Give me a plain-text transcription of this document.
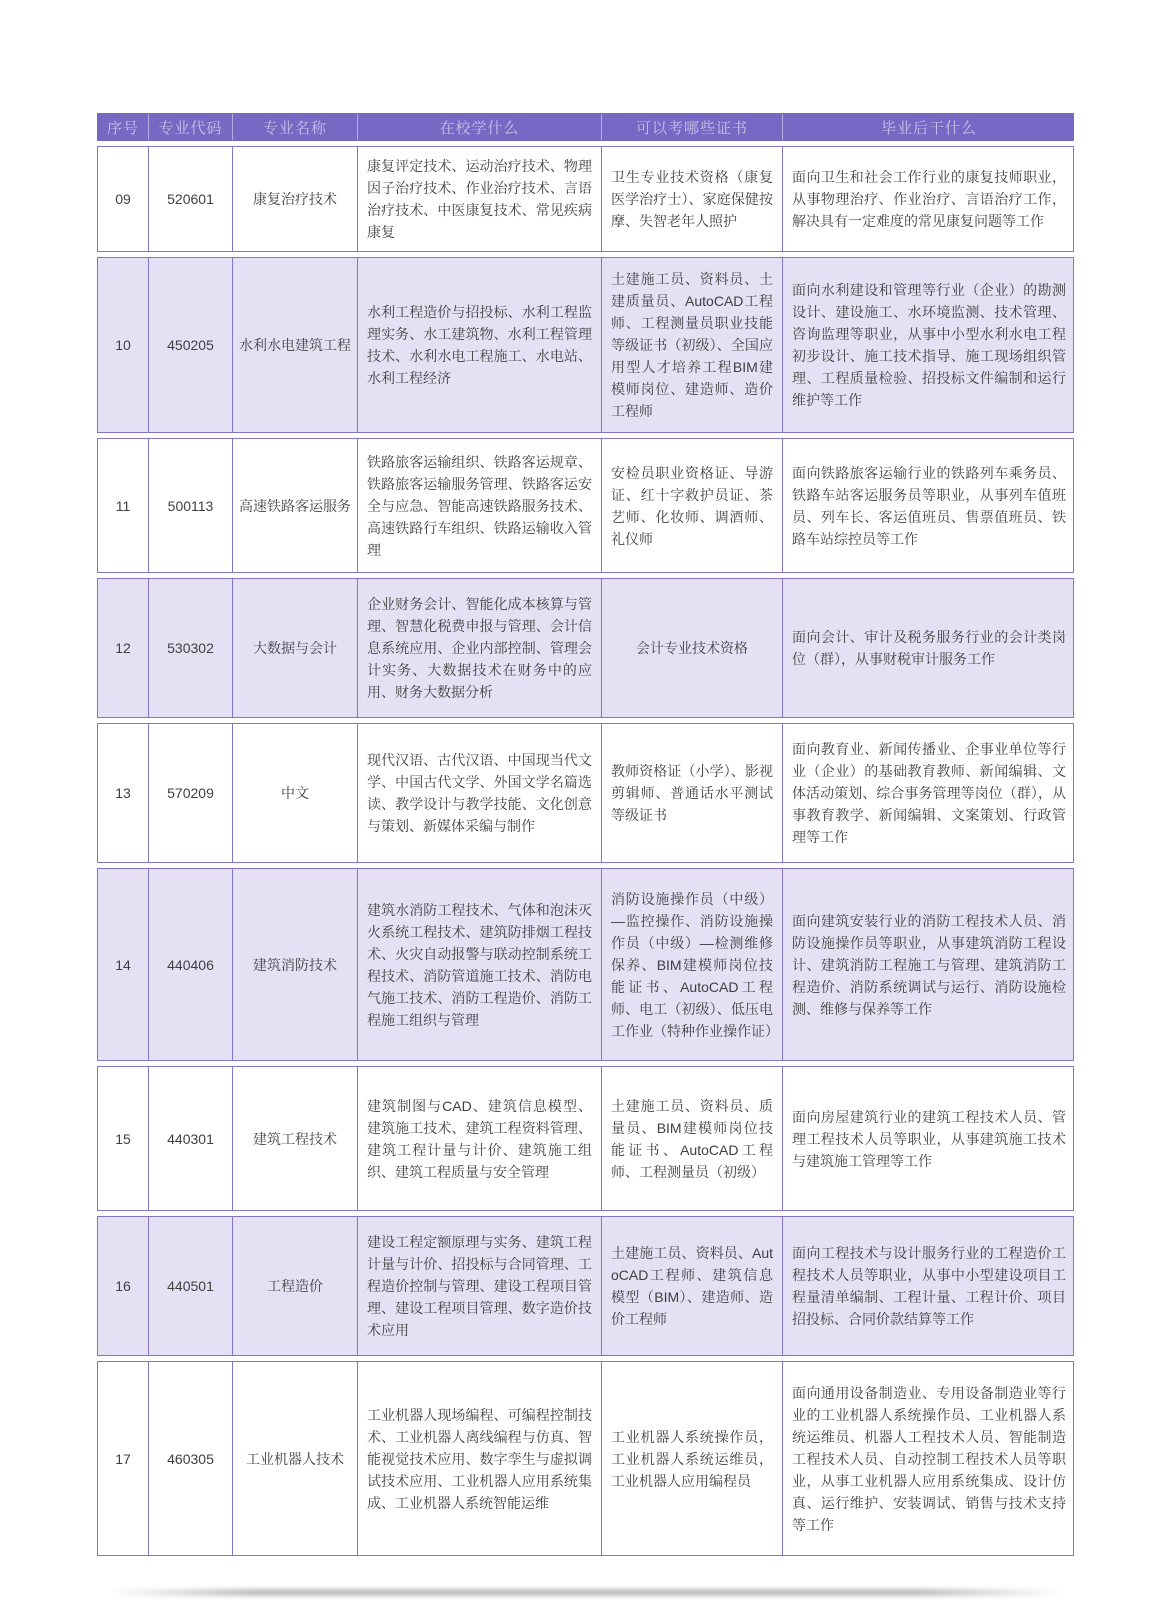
序号	专业代码	专业名称	在校学什么	可以考哪些证书	毕业后干什么
09	520601	康复治疗技术
康复评定技术、运动治疗技术、物理因子治疗技术、作业治疗技术、言语治疗技术、中医康复技术、常见疾病康复
卫生专业技术资格（康复医学治疗士）、家庭保健按摩、失智老年人照护
面向卫生和社会工作行业的康复技师职业，从事物理治疗、作业治疗、言语治疗工作，解决具有一定难度的常见康复问题等工作
10	450205 水利水电建筑工程
水利工程造价与招投标、水利工程监理实务、水工建筑物、水利工程管理技术、水利水电工程施工、水电站、水利工程经济
土建施工员、资料员、土建质量员、AutoCAD工程师、工程测量员职业技能等级证书（初级）、全国应用型人才培养工程BIM建模师岗位、建造师、造价工程师
面向水利建设和管理等行业（企业）的勘测设计、建设施工、水环境监测、技术管理、咨询监理等职业，从事中小型水利水电工程初步设计、施工技术指导、施工现场组织管理、工程质量检验、招投标文件编制和运行维护等工作
11	500113 高速铁路客运服务
铁路旅客运输组织、铁路客运规章、铁路旅客运输服务管理、铁路客运安全与应急、智能高速铁路服务技术、高速铁路行车组织、铁路运输收入管理
安检员职业资格证、导游证、红十字救护员证、茶艺师、化妆师、调酒师、礼仪师
面向铁路旅客运输行业的铁路列车乘务员、铁路车站客运服务员等职业，从事列车值班员、列车长、客运值班员、售票值班员、铁路车站综控员等工作
12	530302	大数据与会计
企业财务会计、智能化成本核算与管理、智慧化税费申报与管理、会计信息系统应用、企业内部控制、管理会计实务、大数据技术在财务中的应用、财务大数据分析
会计专业技术资格
面向会计、审计及税务服务行业的会计类岗位（群），从事财税审计服务工作
13	570209	中文
现代汉语、古代汉语、中国现当代文学、中国古代文学、外国文学名篇选读、教学设计与教学技能、文化创意与策划、新媒体采编与制作
教师资格证（小学）、影视剪辑师、普通话水平测试等级证书
面向教育业、新闻传播业、企事业单位等行业（企业）的基础教育教师、新闻编辑、文体活动策划、综合事务管理等岗位（群），从事教育教学、新闻编辑、文案策划、行政管理等工作
14	440406	建筑消防技术
建筑水消防工程技术、气体和泡沫灭火系统工程技术、建筑防排烟工程技术、火灾自动报警与联动控制系统工程技术、消防管道施工技术、消防电气施工技术、消防工程造价、消防工程施工组织与管理
消防设施操作员（中级）—监控操作、消防设施操作员（中级）—检测维修保养、BIM建模师岗位技能证书、AutoCAD工程师、电工（初级）、低压电工作业（特种作业操作证）
面向建筑安装行业的消防工程技术人员、消防设施操作员等职业，从事建筑消防工程设计、建筑消防工程施工与管理、建筑消防工程造价、消防系统调试与运行、消防设施检测、维修与保养等工作
15	440301	建筑工程技术
建筑制图与CAD、建筑信息模型、建筑施工技术、建筑工程资料管理、建筑工程计量与计价、建筑施工组织、建筑工程质量与安全管理
土建施工员、资料员、质量员、BIM建模师岗位技能证书、AutoCAD工程师、工程测量员（初级）
面向房屋建筑行业的建筑工程技术人员、管理工程技术人员等职业，从事建筑施工技术与建筑施工管理等工作
16	440501	工程造价
建设工程定额原理与实务、建筑工程计量与计价、招投标与合同管理、工程造价控制与管理、建设工程项目管理、建设工程项目管理、数字造价技术应用
土建施工员、资料员、AutoCAD工程师、建筑信息模型（BIM）、建造师、造价工程师
面向工程技术与设计服务行业的工程造价工程技术人员等职业，从事中小型建设项目工程量清单编制、工程计量、工程计价、项目招投标、合同价款结算等工作
17	460305 工业机器人技术
工业机器人现场编程、可编程控制技术、工业机器人离线编程与仿真、智能视觉技术应用、数字孪生与虚拟调试技术应用、工业机器人应用系统集成、工业机器人系统智能运维
工业机器人系统操作员，工业机器人系统运维员，工业机器人应用编程员
面向通用设备制造业、专用设备制造业等行业的工业机器人系统操作员、工业机器人系统运维员、机器人工程技术人员、智能制造工程技术人员、自动控制工程技术人员等职业，从事工业机器人应用系统集成、设计仿真、运行维护、安装调试、销售与技术支持等工作
